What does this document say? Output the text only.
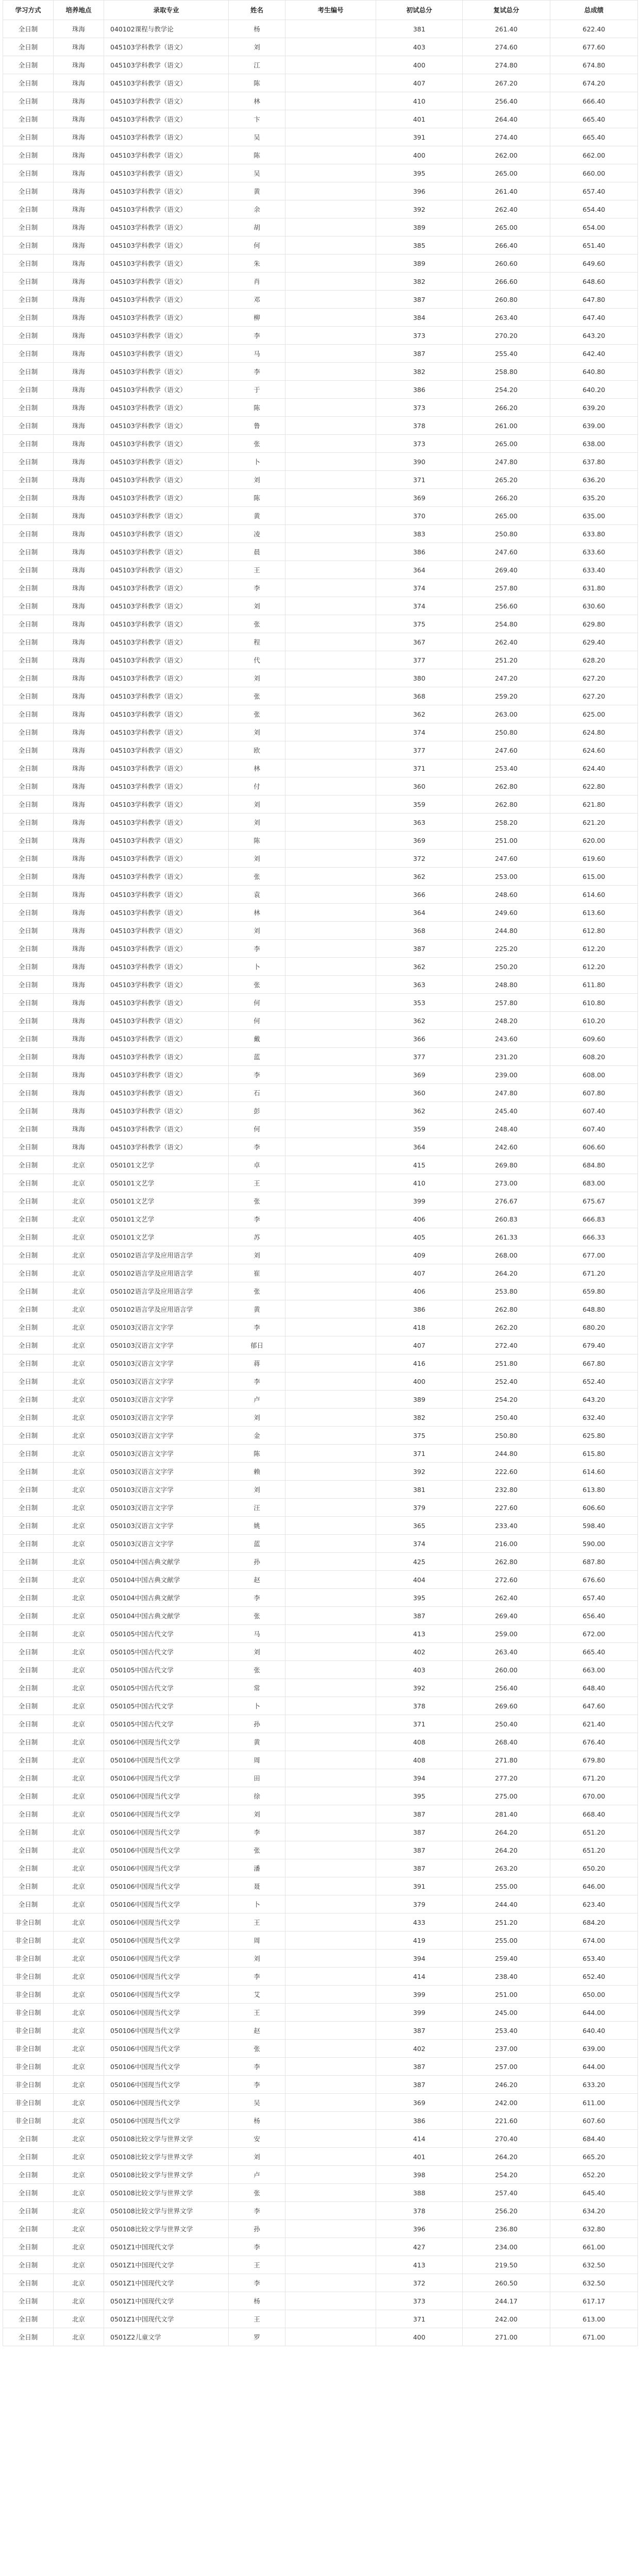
学习方式	培养地点	录取专业	姓名	考生编号	初试总分	复试总分	总成绩
全日制	珠海	040102课程与教学论	杨		381	261.40	622.40
全日制	珠海	045103学科教学（语文）	刘		403	274.60	677.60
全日制	珠海	045103学科教学（语文）	江		400	274.80	674.80
全日制	珠海	045103学科教学（语文）	陈		407	267.20	674.20
全日制	珠海	045103学科教学（语文）	林		410	256.40	666.40
全日制	珠海	045103学科教学（语文）	卞		401	264.40	665.40
全日制	珠海	045103学科教学（语文）	吴		391	274.40	665.40
全日制	珠海	045103学科教学（语文）	陈		400	262.00	662.00
全日制	珠海	045103学科教学（语文）	吴		395	265.00	660.00
全日制	珠海	045103学科教学（语文）	黄		396	261.40	657.40
全日制	珠海	045103学科教学（语文）	余		392	262.40	654.40
全日制	珠海	045103学科教学（语文）	胡		389	265.00	654.00
全日制	珠海	045103学科教学（语文）	何		385	266.40	651.40
全日制	珠海	045103学科教学（语文）	朱		389	260.60	649.60
全日制	珠海	045103学科教学（语文）	肖		382	266.60	648.60
全日制	珠海	045103学科教学（语文）	邓		387	260.80	647.80
全日制	珠海	045103学科教学（语文）	柳		384	263.40	647.40
全日制	珠海	045103学科教学（语文）	李		373	270.20	643.20
全日制	珠海	045103学科教学（语文）	马		387	255.40	642.40
全日制	珠海	045103学科教学（语文）	李		382	258.80	640.80
全日制	珠海	045103学科教学（语文）	于		386	254.20	640.20
全日制	珠海	045103学科教学（语文）	陈		373	266.20	639.20
全日制	珠海	045103学科教学（语文）	鲁		378	261.00	639.00
全日制	珠海	045103学科教学（语文）	张		373	265.00	638.00
全日制	珠海	045103学科教学（语文）	卜		390	247.80	637.80
全日制	珠海	045103学科教学（语文）	刘		371	265.20	636.20
全日制	珠海	045103学科教学（语文）	陈		369	266.20	635.20
全日制	珠海	045103学科教学（语文）	黄		370	265.00	635.00
全日制	珠海	045103学科教学（语文）	凌		383	250.80	633.80
全日制	珠海	045103学科教学（语文）	晨		386	247.60	633.60
全日制	珠海	045103学科教学（语文）	王		364	269.40	633.40
全日制	珠海	045103学科教学（语文）	李		374	257.80	631.80
全日制	珠海	045103学科教学（语文）	刘		374	256.60	630.60
全日制	珠海	045103学科教学（语文）	张		375	254.80	629.80
全日制	珠海	045103学科教学（语文）	程		367	262.40	629.40
全日制	珠海	045103学科教学（语文）	代		377	251.20	628.20
全日制	珠海	045103学科教学（语文）	刘		380	247.20	627.20
全日制	珠海	045103学科教学（语文）	张		368	259.20	627.20
全日制	珠海	045103学科教学（语文）	张		362	263.00	625.00
全日制	珠海	045103学科教学（语文）	刘		374	250.80	624.80
全日制	珠海	045103学科教学（语文）	欧		377	247.60	624.60
全日制	珠海	045103学科教学（语文）	林		371	253.40	624.40
全日制	珠海	045103学科教学（语文）	付		360	262.80	622.80
全日制	珠海	045103学科教学（语文）	刘		359	262.80	621.80
全日制	珠海	045103学科教学（语文）	刘		363	258.20	621.20
全日制	珠海	045103学科教学（语文）	陈		369	251.00	620.00
全日制	珠海	045103学科教学（语文）	刘		372	247.60	619.60
全日制	珠海	045103学科教学（语文）	张		362	253.00	615.00
全日制	珠海	045103学科教学（语文）	袁		366	248.60	614.60
全日制	珠海	045103学科教学（语文）	林		364	249.60	613.60
全日制	珠海	045103学科教学（语文）	刘		368	244.80	612.80
全日制	珠海	045103学科教学（语文）	李		387	225.20	612.20
全日制	珠海	045103学科教学（语文）	卜		362	250.20	612.20
全日制	珠海	045103学科教学（语文）	张		363	248.80	611.80
全日制	珠海	045103学科教学（语文）	何		353	257.80	610.80
全日制	珠海	045103学科教学（语文）	何		362	248.20	610.20
全日制	珠海	045103学科教学（语文）	戴		366	243.60	609.60
全日制	珠海	045103学科教学（语文）	蓝		377	231.20	608.20
全日制	珠海	045103学科教学（语文）	李		369	239.00	608.00
全日制	珠海	045103学科教学（语文）	石		360	247.80	607.80
全日制	珠海	045103学科教学（语文）	彭		362	245.40	607.40
全日制	珠海	045103学科教学（语文）	何		359	248.40	607.40
全日制	珠海	045103学科教学（语文）	李		364	242.60	606.60
全日制	北京	050101文艺学	卓		415	269.80	684.80
全日制	北京	050101文艺学	王		410	273.00	683.00
全日制	北京	050101文艺学	张		399	276.67	675.67
全日制	北京	050101文艺学	李		406	260.83	666.83
全日制	北京	050101文艺学	苏		405	261.33	666.33
全日制	北京	050102语言学及应用语言学	刘		409	268.00	677.00
全日制	北京	050102语言学及应用语言学	崔		407	264.20	671.20
全日制	北京	050102语言学及应用语言学	张		406	253.80	659.80
全日制	北京	050102语言学及应用语言学	黄		386	262.80	648.80
全日制	北京	050103汉语言文字学	李		418	262.20	680.20
全日制	北京	050103汉语言文字学	郁日		407	272.40	679.40
全日制	北京	050103汉语言文字学	蒋		416	251.80	667.80
全日制	北京	050103汉语言文字学	李		400	252.40	652.40
全日制	北京	050103汉语言文字学	卢		389	254.20	643.20
全日制	北京	050103汉语言文字学	刘		382	250.40	632.40
全日制	北京	050103汉语言文字学	金		375	250.80	625.80
全日制	北京	050103汉语言文字学	陈		371	244.80	615.80
全日制	北京	050103汉语言文字学	赖		392	222.60	614.60
全日制	北京	050103汉语言文字学	刘		381	232.80	613.80
全日制	北京	050103汉语言文字学	汪		379	227.60	606.60
全日制	北京	050103汉语言文字学	姚		365	233.40	598.40
全日制	北京	050103汉语言文字学	蓝		374	216.00	590.00
全日制	北京	050104中国古典文献学	孙		425	262.80	687.80
全日制	北京	050104中国古典文献学	赵		404	272.60	676.60
全日制	北京	050104中国古典文献学	李		395	262.40	657.40
全日制	北京	050104中国古典文献学	张		387	269.40	656.40
全日制	北京	050105中国古代文学	马		413	259.00	672.00
全日制	北京	050105中国古代文学	刘		402	263.40	665.40
全日制	北京	050105中国古代文学	张		403	260.00	663.00
全日制	北京	050105中国古代文学	常		392	256.40	648.40
全日制	北京	050105中国古代文学	卜		378	269.60	647.60
全日制	北京	050105中国古代文学	孙		371	250.40	621.40
全日制	北京	050106中国现当代文学	黄		408	268.40	676.40
全日制	北京	050106中国现当代文学	周		408	271.80	679.80
全日制	北京	050106中国现当代文学	田		394	277.20	671.20
全日制	北京	050106中国现当代文学	徐		395	275.00	670.00
全日制	北京	050106中国现当代文学	刘		387	281.40	668.40
全日制	北京	050106中国现当代文学	李		387	264.20	651.20
全日制	北京	050106中国现当代文学	张		387	264.20	651.20
全日制	北京	050106中国现当代文学	潘		387	263.20	650.20
全日制	北京	050106中国现当代文学	聂		391	255.00	646.00
全日制	北京	050106中国现当代文学	卜		379	244.40	623.40
非全日制	北京	050106中国现当代文学	王		433	251.20	684.20
非全日制	北京	050106中国现当代文学	周		419	255.00	674.00
非全日制	北京	050106中国现当代文学	刘		394	259.40	653.40
非全日制	北京	050106中国现当代文学	李		414	238.40	652.40
非全日制	北京	050106中国现当代文学	艾		399	251.00	650.00
非全日制	北京	050106中国现当代文学	王		399	245.00	644.00
非全日制	北京	050106中国现当代文学	赵		387	253.40	640.40
非全日制	北京	050106中国现当代文学	张		402	237.00	639.00
非全日制	北京	050106中国现当代文学	李		387	257.00	644.00
非全日制	北京	050106中国现当代文学	李		387	246.20	633.20
非全日制	北京	050106中国现当代文学	吴		369	242.00	611.00
非全日制	北京	050106中国现当代文学	杨		386	221.60	607.60
全日制	北京	050108比较文学与世界文学	安		414	270.40	684.40
全日制	北京	050108比较文学与世界文学	刘		401	264.20	665.20
全日制	北京	050108比较文学与世界文学	卢		398	254.20	652.20
全日制	北京	050108比较文学与世界文学	张		388	257.40	645.40
全日制	北京	050108比较文学与世界文学	李		378	256.20	634.20
全日制	北京	050108比较文学与世界文学	孙		396	236.80	632.80
全日制	北京	0501Z1中国现代文学	李		427	234.00	661.00
全日制	北京	0501Z1中国现代文学	王		413	219.50	632.50
全日制	北京	0501Z1中国现代文学	李		372	260.50	632.50
全日制	北京	0501Z1中国现代文学	杨		373	244.17	617.17
全日制	北京	0501Z1中国现代文学	王		371	242.00	613.00
全日制	北京	0501Z2儿童文学	罗		400	271.00	671.00
